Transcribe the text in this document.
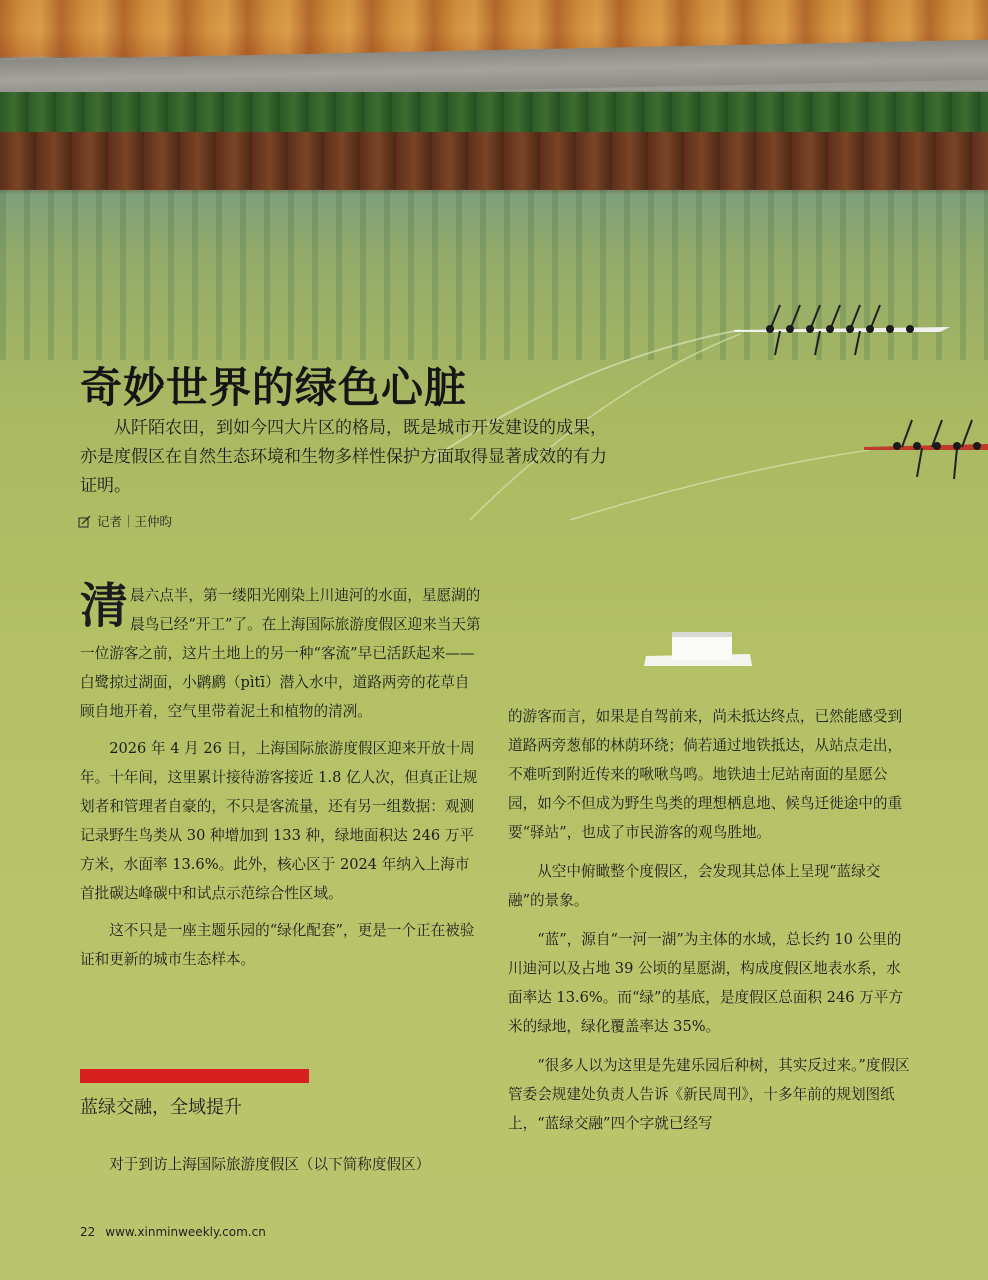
奇妙世界的绿色心脏

从阡陌农田，到如今四大片区的格局，既是城市开发建设的成果，亦是度假区在自然生态环境和生物多样性保护方面取得显著成效的有力证明。

记者｜王仲昀

清晨六点半，第一缕阳光刚染上川迪河的水面，星愿湖的晨鸟已经“开工”了。在上海国际旅游度假区迎来当天第一位游客之前，这片土地上的另一种“客流”早已活跃起来——白鹭掠过湖面，小䴙䴘（pìtī）潜入水中，道路两旁的花草自顾自地开着，空气里带着泥土和植物的清冽。

2026 年 4 月 26 日，上海国际旅游度假区迎来开放十周年。十年间，这里累计接待游客接近 1.8 亿人次，但真正让规划者和管理者自豪的，不只是客流量，还有另一组数据：观测记录野生鸟类从 30 种增加到 133 种，绿地面积达 246 万平方米，水面率 13.6%。此外，核心区于 2024 年纳入上海市首批碳达峰碳中和试点示范综合性区域。

这不只是一座主题乐园的“绿化配套”，更是一个正在被验证和更新的城市生态样本。

蓝绿交融，全域提升

对于到访上海国际旅游度假区（以下简称度假区）

的游客而言，如果是自驾前来，尚未抵达终点，已然能感受到道路两旁葱郁的林荫环绕；倘若通过地铁抵达，从站点走出，不难听到附近传来的啾啾鸟鸣。地铁迪士尼站南面的星愿公园，如今不但成为野生鸟类的理想栖息地、候鸟迁徙途中的重要“驿站”，也成了市民游客的观鸟胜地。

从空中俯瞰整个度假区，会发现其总体上呈现“蓝绿交融”的景象。

“蓝”，源自“一河一湖”为主体的水域，总长约 10 公里的川迪河以及占地 39 公顷的星愿湖，构成度假区地表水系，水面率达 13.6%。而“绿”的基底，是度假区总面积 246 万平方米的绿地，绿化覆盖率达 35%。

“很多人以为这里是先建乐园后种树，其实反过来。”度假区管委会规建处负责人告诉《新民周刊》，十多年前的规划图纸上，“蓝绿交融”四个字就已经写

22 www.xinminweekly.com.cn
